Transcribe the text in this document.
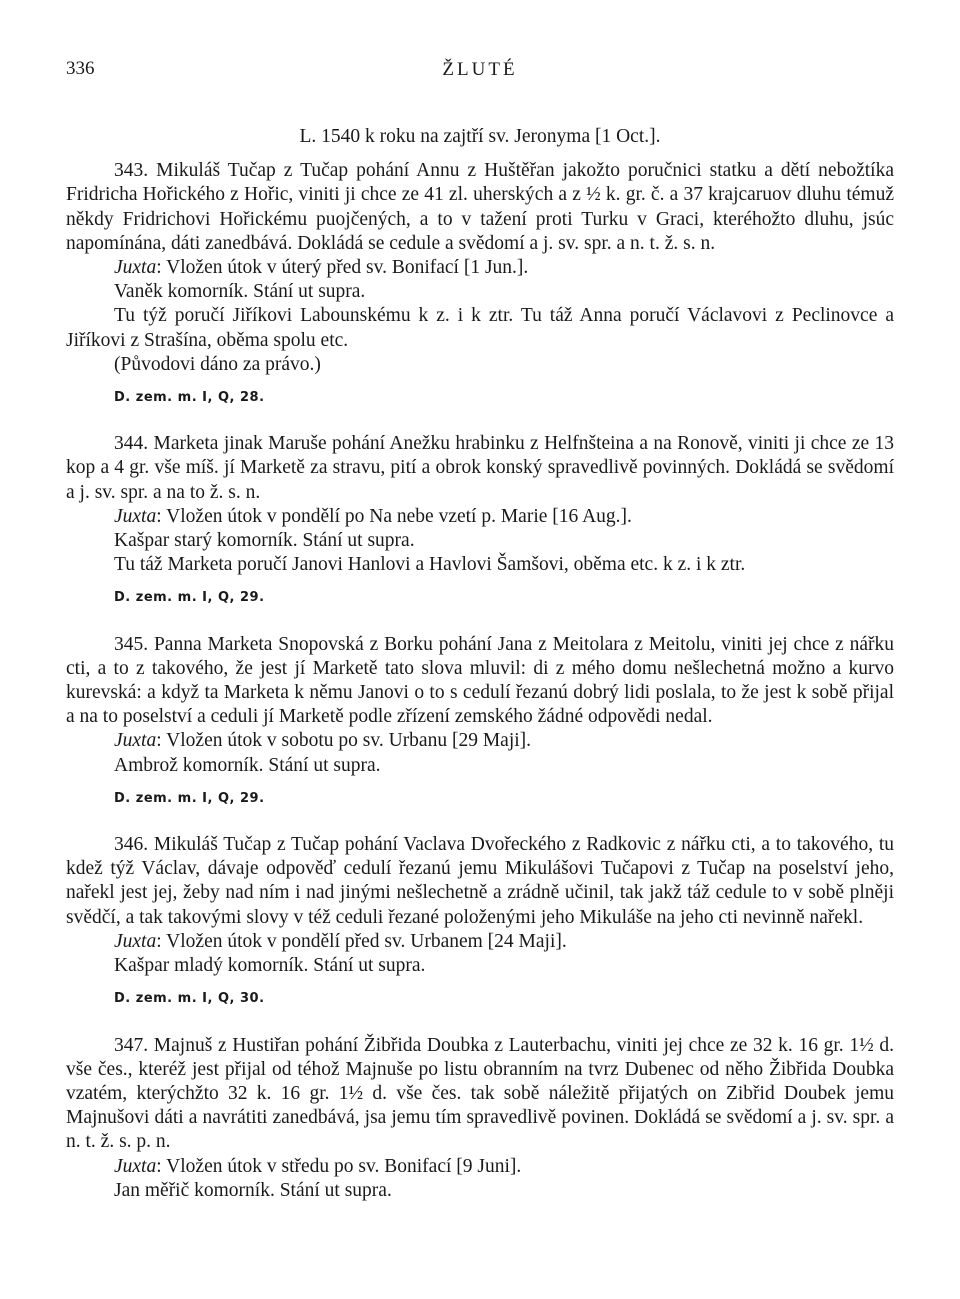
336	ŽLUTÉ

L. 1540 k roku na zajtří sv. Jeronyma [1 Oct.].

343. Mikuláš Tučap z Tučap pohání Annu z Huštěřan jakožto poručnici statku a dětí nebožtíka Fridricha Hořického z Hořic, viniti ji chce ze 41 zl. uherských a z ½ k. gr. č. a 37 krajcaruov dluhu témuž někdy Fridrichovi Hořickému puojčených, a to v tažení proti Turku v Graci, kteréhožto dluhu, jsúc napomínána, dáti zanedbává. Dokládá se cedule a svědomí a j. sv. spr. a n. t. ž. s. n.

Juxta: Vložen útok v úterý před sv. Bonifací [1 Jun.].

Vaněk komorník. Stání ut supra.

Tu týž poručí Jiříkovi Labounskému k z. i k ztr. Tu táž Anna poručí Václavovi z Peclinovce a Jiříkovi z Strašína, oběma spolu etc.

(Původovi dáno za právo.)

D. zem. m. I, Q, 28.

344. Marketa jinak Maruše pohání Anežku hrabinku z Helfnšteina a na Ronově, viniti ji chce ze 13 kop a 4 gr. vše míš. jí Marketě za stravu, pití a obrok konský spravedlivě povinných. Dokládá se svědomí a j. sv. spr. a na to ž. s. n.

Juxta: Vložen útok v pondělí po Na nebe vzetí p. Marie [16 Aug.].

Kašpar starý komorník. Stání ut supra.

Tu táž Marketa poručí Janovi Hanlovi a Havlovi Šamšovi, oběma etc. k z. i k ztr.

D. zem. m. I, Q, 29.

345. Panna Marketa Snopovská z Borku pohání Jana z Meitolara z Meitolu, viniti jej chce z nářku cti, a to z takového, že jest jí Marketě tato slova mluvil: di z mého domu nešlechetná možno a kurvo kurevská: a když ta Marketa k němu Janovi o to s cedulí řezanú dobrý lidi poslala, to že jest k sobě přijal a na to poselství a ceduli jí Marketě podle zřízení zemského žádné odpovědi nedal.

Juxta: Vložen útok v sobotu po sv. Urbanu [29 Maji].

Ambrož komorník. Stání ut supra.

D. zem. m. I, Q, 29.

346. Mikuláš Tučap z Tučap pohání Vaclava Dvořeckého z Radkovic z nářku cti, a to takového, tu kdež týž Václav, dávaje odpověď cedulí řezanú jemu Mikulášovi Tučapovi z Tučap na poselství jeho, nařekl jest jej, žeby nad ním i nad jinými nešlechetně a zrádně učinil, tak jakž táž cedule to v sobě plněji svědčí, a tak takovými slovy v též ceduli řezané položenými jeho Mikuláše na jeho cti nevinně nařekl.

Juxta: Vložen útok v pondělí před sv. Urbanem [24 Maji].

Kašpar mladý komorník. Stání ut supra.

D. zem. m. I, Q, 30.

347. Majnuš z Hustiřan pohání Žibřida Doubka z Lauterbachu, viniti jej chce ze 32 k. 16 gr. 1½ d. vše čes., kteréž jest přijal od téhož Majnuše po listu obranním na tvrz Dubenec od něho Žibřida Doubka vzatém, kterýchžto 32 k. 16 gr. 1½ d. vše čes. tak sobě náležitě přijatých on Zibřid Doubek jemu Majnušovi dáti a navrátiti zanedbává, jsa jemu tím spravedlivě povinen. Dokládá se svědomí a j. sv. spr. a n. t. ž. s. p. n.

Juxta: Vložen útok v středu po sv. Bonifací [9 Juni].

Jan měřič komorník. Stání ut supra.
